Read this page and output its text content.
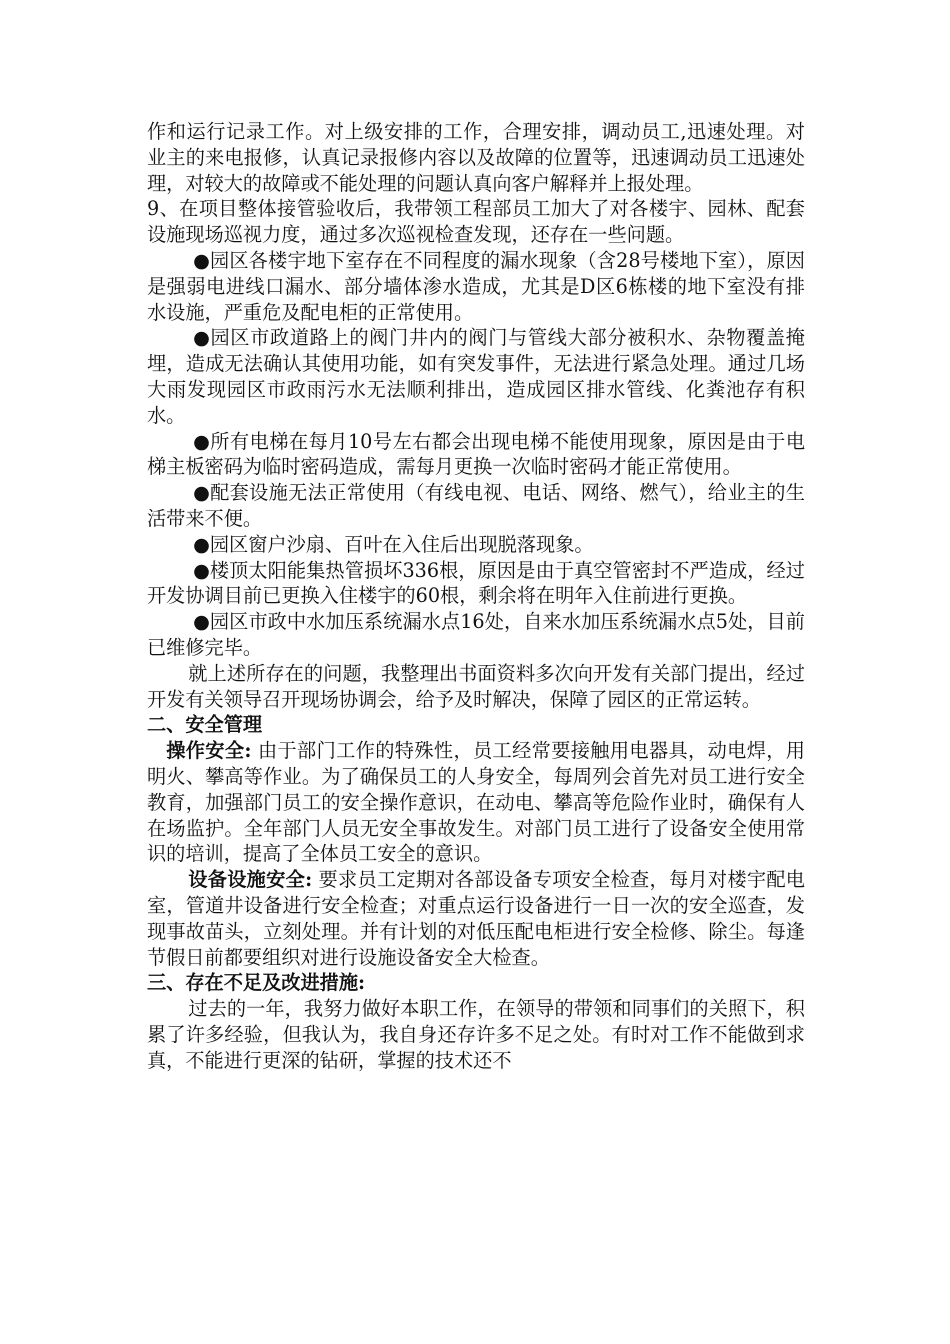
作和运行记录工作。对上级安排的工作，合理安排，调动员工,迅速处理。对业主的来电报修，认真记录报修内容以及故障的位置等，迅速调动员工迅速处理，对较大的故障或不能处理的问题认真向客户解释并上报处理。

9、在项目整体接管验收后，我带领工程部员工加大了对各楼宇、园林、配套设施现场巡视力度，通过多次巡视检查发现，还存在一些问题。

●园区各楼宇地下室存在不同程度的漏水现象（含28号楼地下室），原因是强弱电进线口漏水、部分墙体渗水造成，尤其是D区6栋楼的地下室没有排水设施，严重危及配电柜的正常使用。

●园区市政道路上的阀门井内的阀门与管线大部分被积水、杂物覆盖掩埋，造成无法确认其使用功能，如有突发事件，无法进行紧急处理。通过几场大雨发现园区市政雨污水无法顺利排出，造成园区排水管线、化粪池存有积水。

●所有电梯在每月10号左右都会出现电梯不能使用现象，原因是由于电梯主板密码为临时密码造成，需每月更换一次临时密码才能正常使用。

●配套设施无法正常使用（有线电视、电话、网络、燃气），给业主的生活带来不便。

●园区窗户沙扇、百叶在入住后出现脱落现象。

●楼顶太阳能集热管损坏336根，原因是由于真空管密封不严造成，经过开发协调目前已更换入住楼宇的60根，剩余将在明年入住前进行更换。

●园区市政中水加压系统漏水点16处，自来水加压系统漏水点5处，目前已维修完毕。

就上述所存在的问题，我整理出书面资料多次向开发有关部门提出，经过开发有关领导召开现场协调会，给予及时解决，保障了园区的正常运转。

二、安全管理

操作安全: 由于部门工作的特殊性，员工经常要接触用电器具，动电焊，用明火、攀高等作业。为了确保员工的人身安全，每周列会首先对员工进行安全教育，加强部门员工的安全操作意识，在动电、攀高等危险作业时，确保有人在场监护。全年部门人员无安全事故发生。对部门员工进行了设备安全使用常识的培训，提高了全体员工安全的意识。

设备设施安全: 要求员工定期对各部设备专项安全检查，每月对楼宇配电室，管道井设备进行安全检查；对重点运行设备进行一日一次的安全巡查，发现事故苗头，立刻处理。并有计划的对低压配电柜进行安全检修、除尘。每逢节假日前都要组织对进行设施设备安全大检查。

三、存在不足及改进措施:

过去的一年，我努力做好本职工作，在领导的带领和同事们的关照下，积累了许多经验，但我认为，我自身还存许多不足之处。有时对工作不能做到求真，不能进行更深的钻研，掌握的技术还不
